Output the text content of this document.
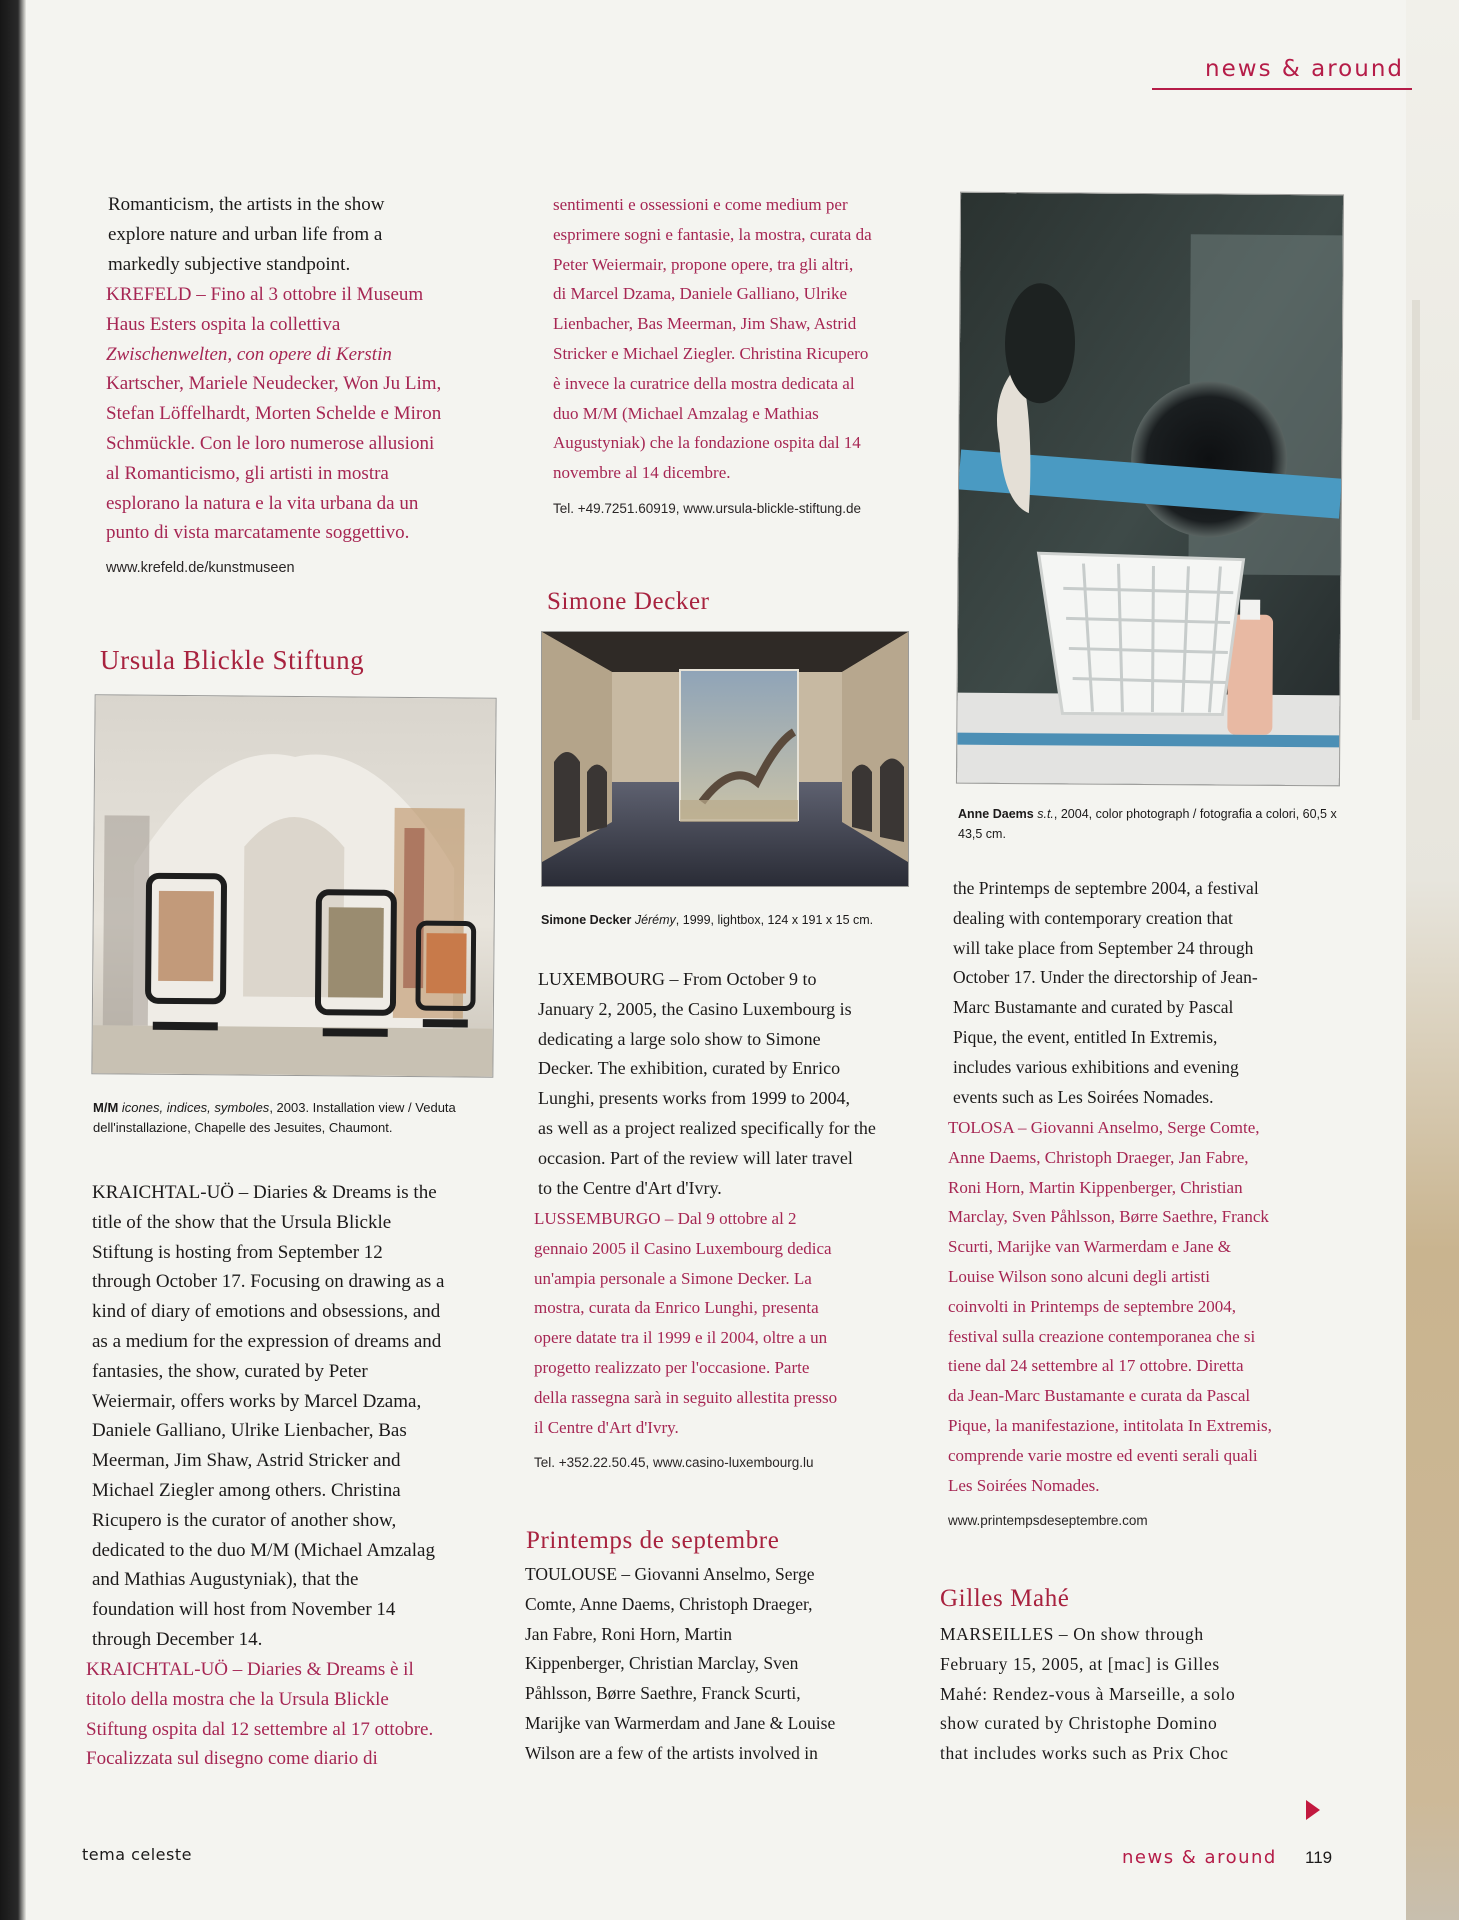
news & around

Romanticism, the artists in the show

explore nature and urban life from a

markedly subjective standpoint.

KREFELD – Fino al 3 ottobre il Museum

Haus Esters ospita la collettiva

Zwischenwelten, con opere di Kerstin

Kartscher, Mariele Neudecker, Won Ju Lim,

Stefan Löffelhardt, Morten Schelde e Miron

Schmückle. Con le loro numerose allusioni

al Romanticismo, gli artisti in mostra

esplorano la natura e la vita urbana da un

punto di vista marcatamente soggettivo.

www.krefeld.de/kunstmuseen
Ursula Blickle Stiftung
M/M icones, indices, symboles, 2003. Installation view / Veduta dell'installazione, Chapelle des Jesuites, Chaumont.

KRAICHTAL-UÖ – Diaries & Dreams is the

title of the show that the Ursula Blickle

Stiftung is hosting from September 12

through October 17. Focusing on drawing as a

kind of diary of emotions and obsessions, and

as a medium for the expression of dreams and

fantasies, the show, curated by Peter

Weiermair, offers works by Marcel Dzama,

Daniele Galliano, Ulrike Lienbacher, Bas

Meerman, Jim Shaw, Astrid Stricker and

Michael Ziegler among others. Christina

Ricupero is the curator of another show,

dedicated to the duo M/M (Michael Amzalag

and Mathias Augustyniak), that the

foundation will host from November 14

through December 14.

KRAICHTAL-UÖ – Diaries & Dreams è il

titolo della mostra che la Ursula Blickle

Stiftung ospita dal 12 settembre al 17 ottobre.

Focalizzata sul disegno come diario di

sentimenti e ossessioni e come medium per

esprimere sogni e fantasie, la mostra, curata da

Peter Weiermair, propone opere, tra gli altri,

di Marcel Dzama, Daniele Galliano, Ulrike

Lienbacher, Bas Meerman, Jim Shaw, Astrid

Stricker e Michael Ziegler. Christina Ricupero

è invece la curatrice della mostra dedicata al

duo M/M (Michael Amzalag e Mathias

Augustyniak) che la fondazione ospita dal 14

novembre al 14 dicembre.

Tel. +49.7251.60919, www.ursula-blickle-stiftung.de
Simone Decker
Simone Decker Jérémy, 1999, lightbox, 124 x 191 x 15 cm.

LUXEMBOURG – From October 9 to

January 2, 2005, the Casino Luxembourg is

dedicating a large solo show to Simone

Decker. The exhibition, curated by Enrico

Lunghi, presents works from 1999 to 2004,

as well as a project realized specifically for the

occasion. Part of the review will later travel

to the Centre d'Art d'Ivry.

LUSSEMBURGO – Dal 9 ottobre al 2

gennaio 2005 il Casino Luxembourg dedica

un'ampia personale a Simone Decker. La

mostra, curata da Enrico Lunghi, presenta

opere datate tra il 1999 e il 2004, oltre a un

progetto realizzato per l'occasione. Parte

della rassegna sarà in seguito allestita presso

il Centre d'Art d'Ivry.

Tel. +352.22.50.45, www.casino-luxembourg.lu
Printemps de septembre

TOULOUSE – Giovanni Anselmo, Serge

Comte, Anne Daems, Christoph Draeger,

Jan Fabre, Roni Horn, Martin

Kippenberger, Christian Marclay, Sven

Påhlsson, Børre Saethre, Franck Scurti,

Marijke van Warmerdam and Jane & Louise

Wilson are a few of the artists involved in

Anne Daems s.t., 2004, color photograph / fotografia a colori, 60,5 x 43,5 cm.

the Printemps de septembre 2004, a festival

dealing with contemporary creation that

will take place from September 24 through

October 17. Under the directorship of Jean-

Marc Bustamante and curated by Pascal

Pique, the event, entitled In Extremis,

includes various exhibitions and evening

events such as Les Soirées Nomades.

TOLOSA – Giovanni Anselmo, Serge Comte,

Anne Daems, Christoph Draeger, Jan Fabre,

Roni Horn, Martin Kippenberger, Christian

Marclay, Sven Påhlsson, Børre Saethre, Franck

Scurti, Marijke van Warmerdam e Jane &

Louise Wilson sono alcuni degli artisti

coinvolti in Printemps de septembre 2004,

festival sulla creazione contemporanea che si

tiene dal 24 settembre al 17 ottobre. Diretta

da Jean-Marc Bustamante e curata da Pascal

Pique, la manifestazione, intitolata In Extremis,

comprende varie mostre ed eventi serali quali

Les Soirées Nomades.

www.printempsdeseptembre.com
Gilles Mahé

MARSEILLES – On show through

February 15, 2005, at [mac] is Gilles

Mahé: Rendez-vous à Marseille, a solo

show curated by Christophe Domino

that includes works such as Prix Choc

tema celeste	news & around 119
